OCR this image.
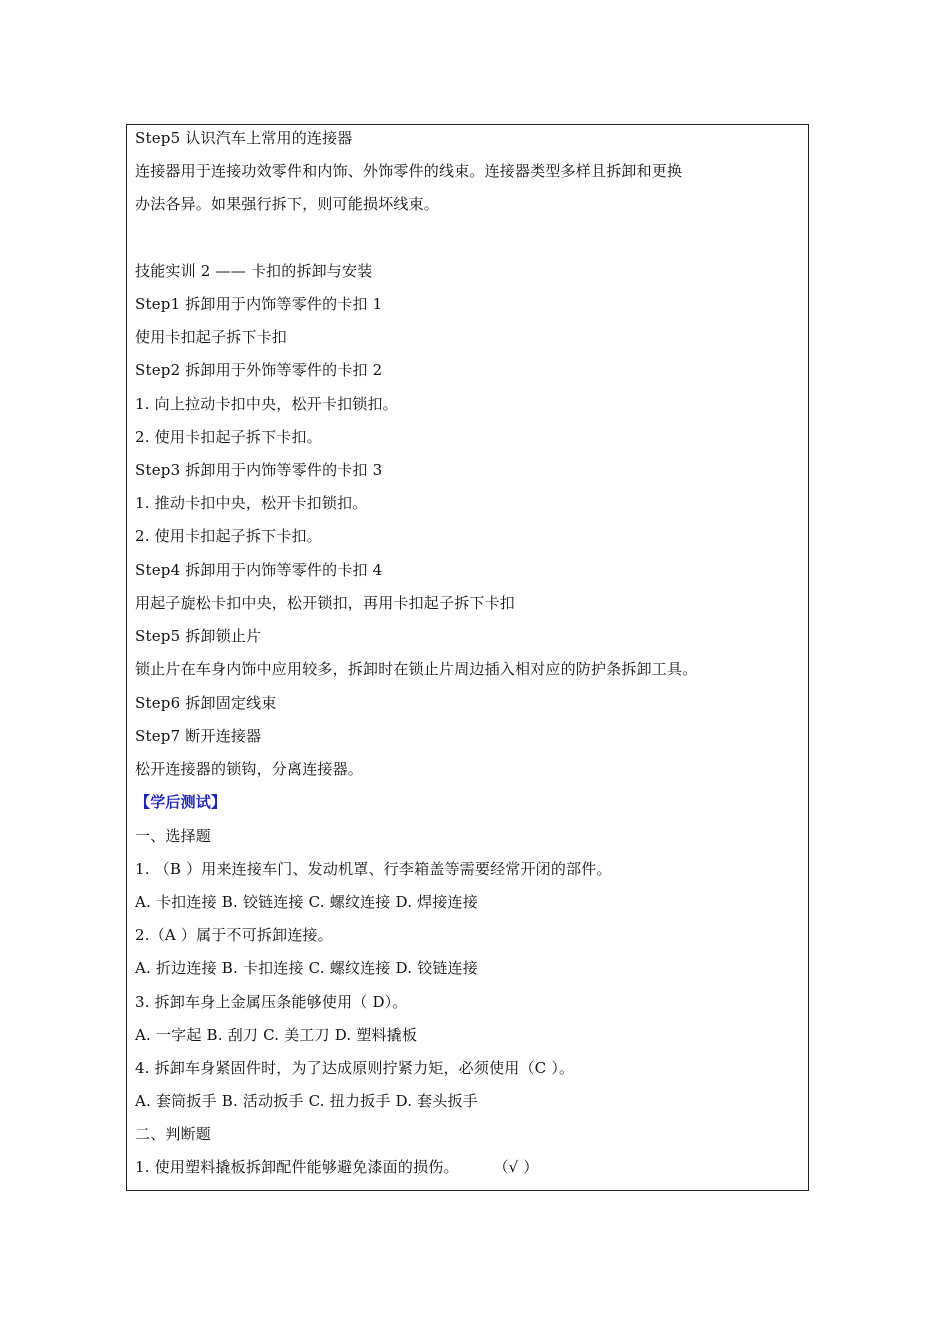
Step5 认识汽车上常用的连接器
连接器用于连接功效零件和内饰、外饰零件的线束。连接器类型多样且拆卸和更换
办法各异。如果强行拆下，则可能损坏线束。
技能实训 2 —— 卡扣的拆卸与安装
Step1 拆卸用于内饰等零件的卡扣 1
使用卡扣起子拆下卡扣
Step2 拆卸用于外饰等零件的卡扣 2
1. 向上拉动卡扣中央，松开卡扣锁扣。
2. 使用卡扣起子拆下卡扣。
Step3 拆卸用于内饰等零件的卡扣 3
1. 推动卡扣中央，松开卡扣锁扣。
2. 使用卡扣起子拆下卡扣。
Step4 拆卸用于内饰等零件的卡扣 4
用起子旋松卡扣中央，松开锁扣，再用卡扣起子拆下卡扣
Step5 拆卸锁止片
锁止片在车身内饰中应用较多，拆卸时在锁止片周边插入相对应的防护条拆卸工具。
Step6 拆卸固定线束
Step7 断开连接器
松开连接器的锁钩，分离连接器。
【学后测试】
一、选择题
1. （B ）用来连接车门、发动机罩、行李箱盖等需要经常开闭的部件。
A. 卡扣连接 B. 铰链连接 C. 螺纹连接 D. 焊接连接
2.（A ）属于不可拆卸连接。
A. 折边连接 B. 卡扣连接 C. 螺纹连接 D. 铰链连接
3. 拆卸车身上金属压条能够使用（ D）。
A. 一字起 B. 刮刀 C. 美工刀 D. 塑料撬板
4. 拆卸车身紧固件时，为了达成原则拧紧力矩，必须使用（C ）。
A. 套筒扳手 B. 活动扳手 C. 扭力扳手 D. 套头扳手
二、判断题
1. 使用塑料撬板拆卸配件能够避免漆面的损伤。       （√ ）
